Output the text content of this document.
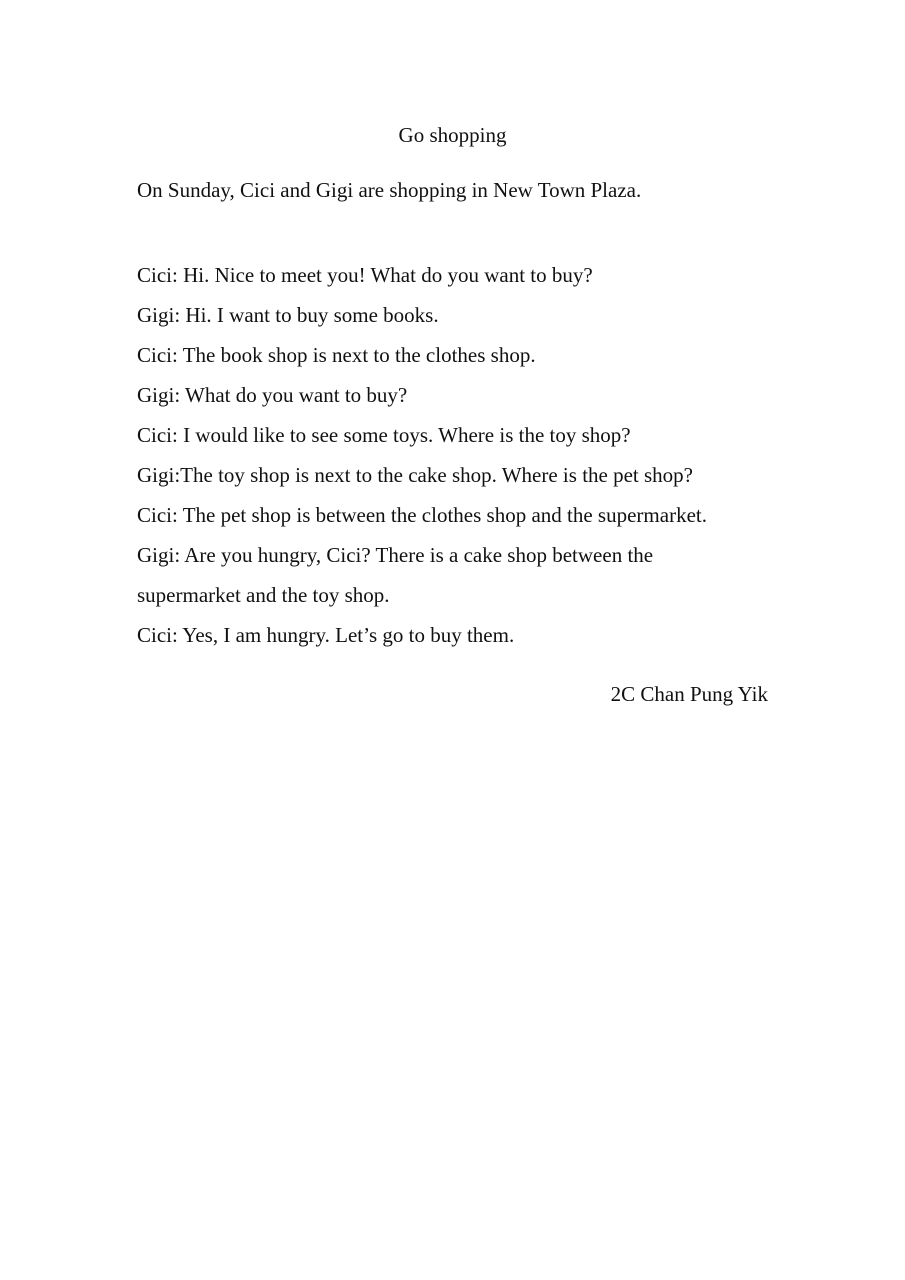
Go shopping

On Sunday, Cici and Gigi are shopping in New Town Plaza.

Cici: Hi. Nice to meet you! What do you want to buy?
Gigi: Hi. I want to buy some books.
Cici: The book shop is next to the clothes shop.
Gigi: What do you want to buy?
Cici: I would like to see some toys. Where is the toy shop?
Gigi:The toy shop is next to the cake shop. Where is the pet shop?
Cici: The pet shop is between the clothes shop and the supermarket.
Gigi: Are you hungry, Cici? There is a cake shop between the
supermarket and the toy shop.
Cici: Yes, I am hungry. Let’s go to buy them.

2C Chan Pung Yik
